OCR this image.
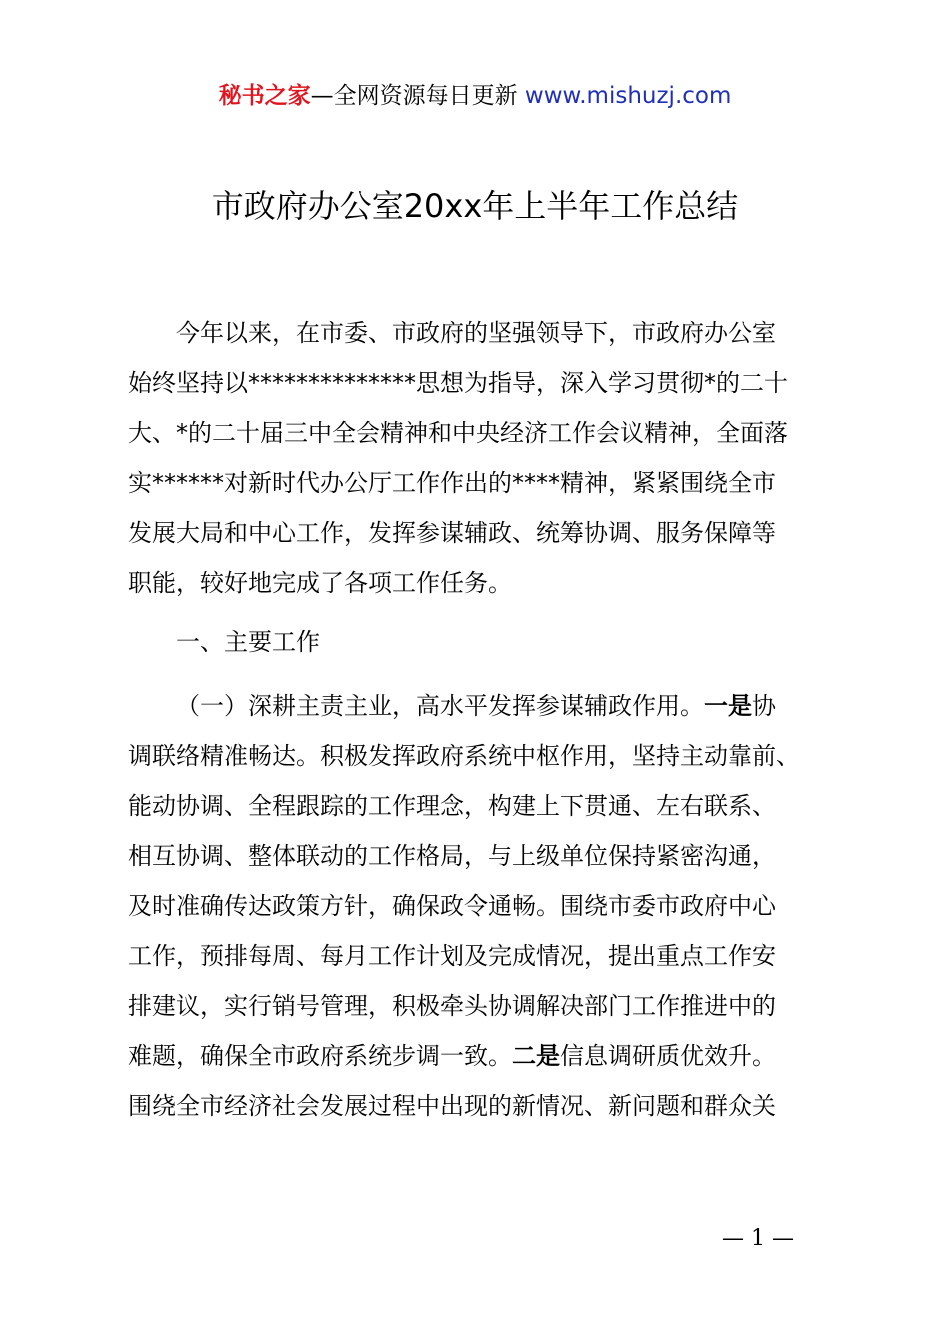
秘书之家—全网资源每日更新 www.mishuzj.com
市政府办公室20xx年上半年工作总结
今年以来，在市委、市政府的坚强领导下，市政府办公室
始终坚持以**************思想为指导，深入学习贯彻*的二十
大、*的二十届三中全会精神和中央经济工作会议精神，全面落
实******对新时代办公厅工作作出的****精神，紧紧围绕全市
发展大局和中心工作，发挥参谋辅政、统筹协调、服务保障等
职能，较好地完成了各项工作任务。
一、主要工作
（一）深耕主责主业，高水平发挥参谋辅政作用。一是协
调联络精准畅达。积极发挥政府系统中枢作用，坚持主动靠前、
能动协调、全程跟踪的工作理念，构建上下贯通、左右联系、
相互协调、整体联动的工作格局，与上级单位保持紧密沟通，
及时准确传达政策方针，确保政令通畅。围绕市委市政府中心
工作，预排每周、每月工作计划及完成情况，提出重点工作安
排建议，实行销号管理，积极牵头协调解决部门工作推进中的
难题，确保全市政府系统步调一致。二是信息调研质优效升。
围绕全市经济社会发展过程中出现的新情况、新问题和群众关
— 1 —
